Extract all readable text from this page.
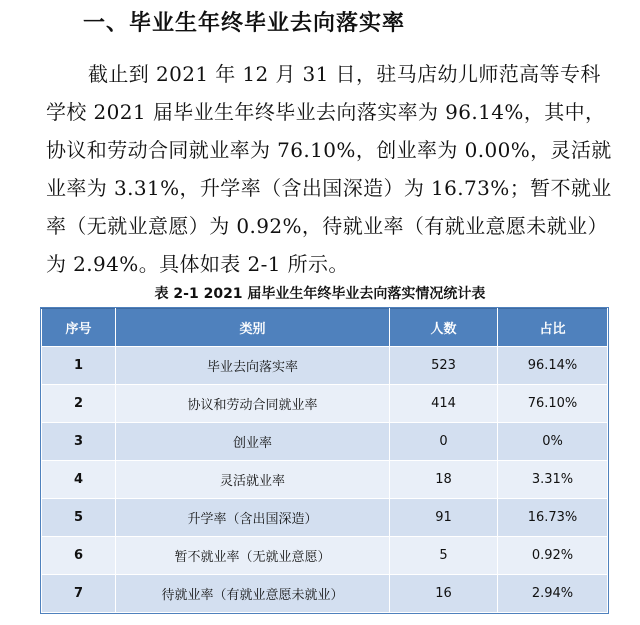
一、毕业生年终毕业去向落实率
截止到 2021 年 12 月 31 日，驻马店幼儿师范高等专科
学校 2021 届毕业生年终毕业去向落实率为 96.14%，其中，
协议和劳动合同就业率为 76.10%，创业率为 0.00%，灵活就
业率为 3.31%，升学率（含出国深造）为 16.73%；暂不就业
率（无就业意愿）为 0.92%，待就业率（有就业意愿未就业）
为 2.94%。具体如表 2-1 所示。

表 2-1 2021 届毕业生年终毕业去向落实情况统计表

序号	类别	人数	占比
1	毕业去向落实率	523	96.14%
2	协议和劳动合同就业率	414	76.10%
3	创业率	0	0%
4	灵活就业率	18	3.31%
5	升学率（含出国深造）	91	16.73%
6	暂不就业率（无就业意愿）	5	0.92%
7	待就业率（有就业意愿未就业）	16	2.94%
